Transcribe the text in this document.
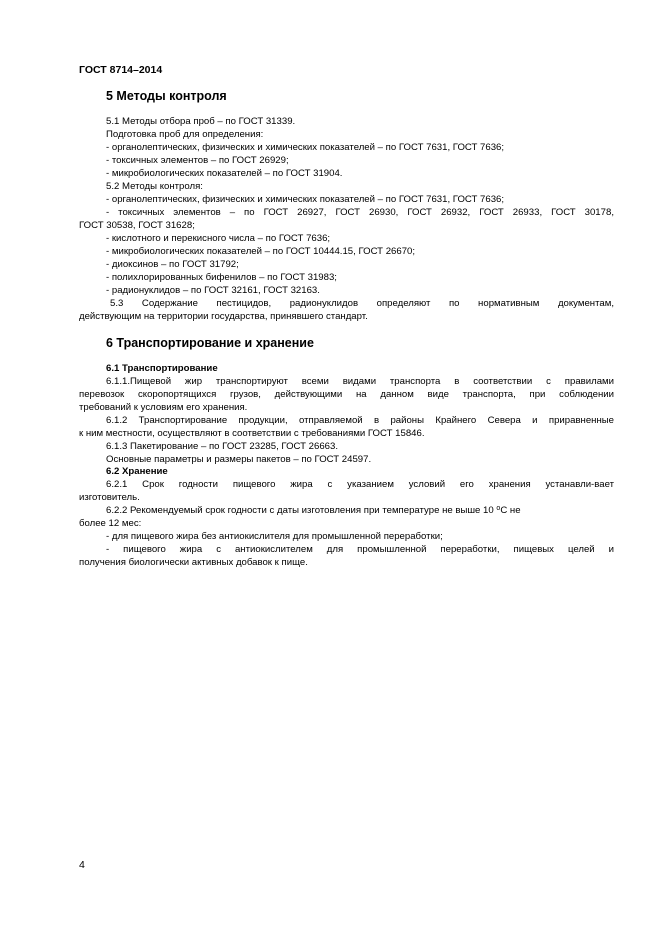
ГОСТ 8714–2014
5 Методы контроля
5.1 Методы отбора проб – по ГОСТ 31339.
Подготовка проб для определения:
- органолептических, физических и химических показателей – по ГОСТ 7631, ГОСТ 7636;
- токсичных элементов – по ГОСТ 26929;
- микробиологических показателей – по ГОСТ 31904.
5.2 Методы контроля:
- органолептических, физических и химических показателей – по ГОСТ 7631, ГОСТ 7636;
- токсичных элементов – по ГОСТ 26927, ГОСТ 26930, ГОСТ 26932, ГОСТ 26933, ГОСТ 30178,
ГОСТ 30538, ГОСТ 31628;
- кислотного и перекисного числа – по ГОСТ 7636;
- микробиологических показателей – по ГОСТ 10444.15, ГОСТ 26670;
- диоксинов – по ГОСТ 31792;
- полихлорированных бифенилов – по ГОСТ 31983;
- радионуклидов – по ГОСТ 32161, ГОСТ 32163.
5.3 Содержание пестицидов, радионуклидов определяют по нормативным документам,
действующим на территории государства, принявшего стандарт.
6 Транспортирование и хранение
6.1 Транспортирование
6.1.1.Пищевой жир транспортируют всеми видами транспорта в соответствии с правилами
перевозок скоропортящихся грузов, действующими на данном виде транспорта, при соблюдении
требований к условиям его хранения.
6.1.2 Транспортирование продукции, отправляемой в районы Крайнего Севера и приравненные
к ним местности, осуществляют в соответствии с требованиями ГОСТ 15846.
6.1.3 Пакетирование – по ГОСТ 23285, ГОСТ 26663.
Основные параметры и размеры пакетов – по ГОСТ 24597.
6.2 Хранение
6.2.1 Срок годности пищевого жира с указанием условий его хранения устанавли-вает
изготовитель.
6.2.2 Рекомендуемый срок годности с даты изготовления при температуре не выше 10 $^о$С не
более 12 мес:
- для пищевого жира без антиокислителя для промышленной переработки;
- пищевого жира с антиокислителем для промышленной переработки, пищевых целей и
получения биологически активных добавок к пище.
4
